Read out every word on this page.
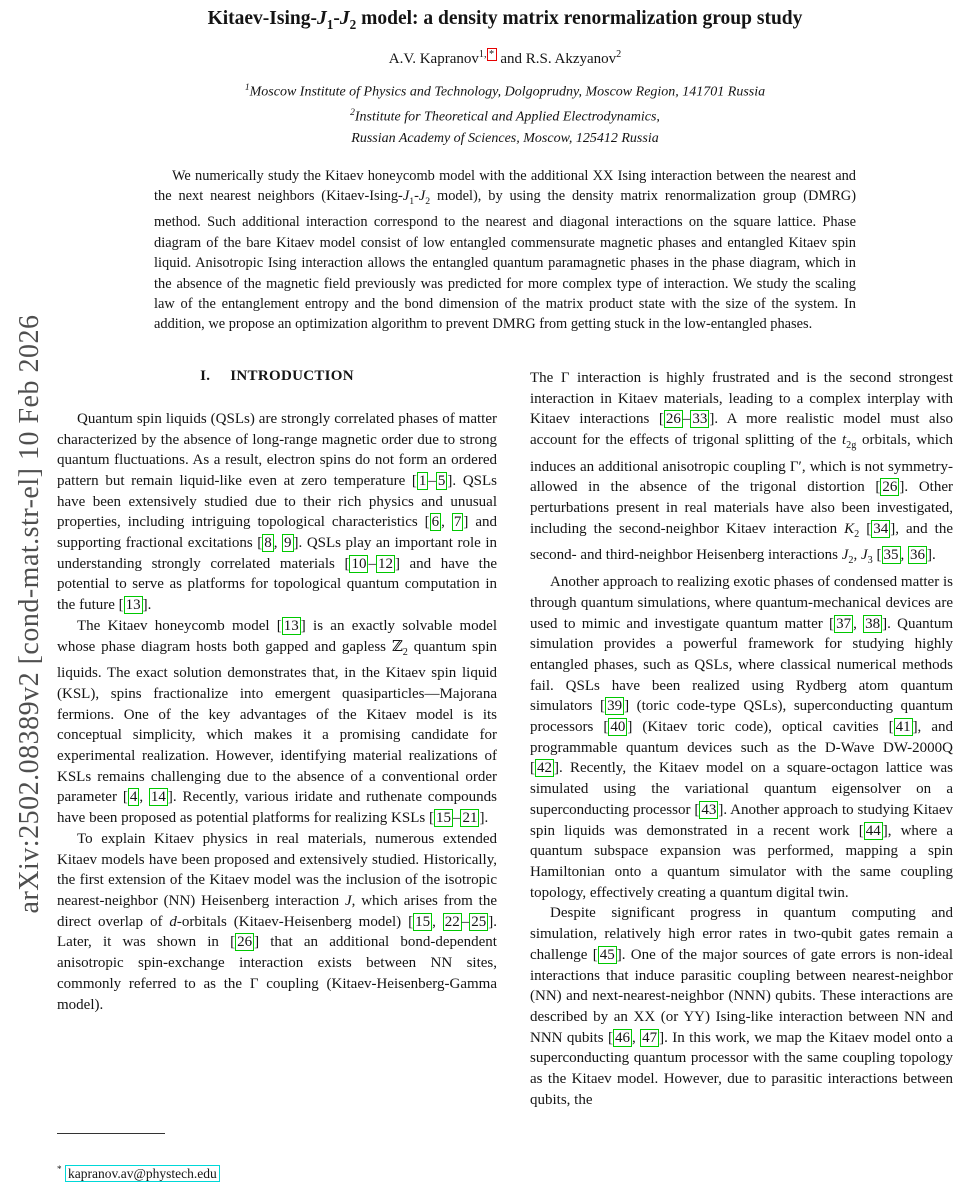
arXiv:2502.08389v2 [cond-mat.str-el] 10 Feb 2026
Kitaev-$Ising-J_1-J_2$ model: a density matrix renormalization group study
A.V. Kapranov$^{1,}$ * and R.S. Akzyanov$^2$
$^1$Moscow Institute of Physics and Technology, Dolgoprudny, Moscow Region, 141701 Russia
$^2$Institute for Theoretical and Applied Electrodynamics,
Russian Academy of Sciences, Moscow, 125412 Russia
We numerically study the Kitaev honeycomb model with the additional XX Ising interaction between the nearest and the next nearest neighbors ($Kitaev-Ising-J_1-J_2$ model), by using the density matrix renormalization group (DMRG) method. Such additional interaction correspond to the nearest and diagonal interactions on the square lattice. Phase diagram of the bare Kitaev model consist of low entangled commensurate magnetic phases and entangled Kitaev spin liquid. Anisotropic Ising interaction allows the entangled quantum paramagnetic phases in the phase diagram, which in the absence of the magnetic field previously was predicted for more complex type of interaction. We study the scaling law of the entanglement entropy and the bond dimension of the matrix product state with the size of the system. In addition, we propose an optimization algorithm to prevent DMRG from getting stuck in the low-entangled phases.
I. INTRODUCTION
Quantum spin liquids (QSLs) are strongly correlated phases of matter characterized by the absence of long-range magnetic order due to strong quantum fluctuations. As a result, electron spins do not form an ordered pattern but remain liquid-like even at zero temperature [ 1 – 5 ]. QSLs have been extensively studied due to their rich physics and unusual properties, including intriguing topological characteristics [ 6 , 7 ] and supporting fractional excitations [ 8 , 9 ]. QSLs play an important role in understanding strongly correlated materials [ 10 – 12 ] and have the potential to serve as platforms for topological quantum computation in the future [ 13 ].
The Kitaev honeycomb model [ 13 ] is an exactly solvable model whose phase diagram hosts both gapped and gapless ℤ$_2$ quantum spin liquids. The exact solution demonstrates that, in the Kitaev spin liquid (KSL), spins fractionalize into emergent quasiparticles—Majorana fermions. One of the key advantages of the Kitaev model is its conceptual simplicity, which makes it a promising candidate for experimental realization. However, identifying material realizations of KSLs remains challenging due to the absence of a conventional order parameter [ 4 , 14 ]. Recently, various iridate and ruthenate compounds have been proposed as potential platforms for realizing KSLs [ 15 – 21 ].
To explain Kitaev physics in real materials, numerous extended Kitaev models have been proposed and extensively studied. Historically, the first extension of the Kitaev model was the inclusion of the isotropic nearest-neighbor (NN) Heisenberg interaction J, which arises from the direct overlap of d-orbitals (Kitaev-Heisenberg model) [ 15 , 22 – 25 ]. Later, it was shown in [ 26 ] that an additional bond-dependent anisotropic spin-exchange interaction exists between NN sites, commonly referred to as the Γ coupling (Kitaev-Heisenberg-Gamma model).
The Γ interaction is highly frustrated and is the second strongest interaction in Kitaev materials, leading to a complex interplay with Kitaev interactions [ 26 – 33 ]. A more realistic model must also account for the effects of trigonal splitting of the $t_{2g}$ orbitals, which induces an additional anisotropic coupling Γ′, which is not symmetry-allowed in the absence of the trigonal distortion [ 26 ]. Other perturbations present in real materials have also been investigated, including the second-neighbor Kitaev interaction $K_2$ [ 34 ], and the second- and third-neighbor Heisenberg interactions $J_2$, $J_3$ [ 35 , 36 ].
Another approach to realizing exotic phases of condensed matter is through quantum simulations, where quantum-mechanical devices are used to mimic and investigate quantum matter [ 37 , 38 ]. Quantum simulation provides a powerful framework for studying highly entangled phases, such as QSLs, where classical numerical methods fail. QSLs have been realized using Rydberg atom quantum simulators [ 39 ] (toric code-type QSLs), superconducting quantum processors [ 40 ] (Kitaev toric code), optical cavities [ 41 ], and programmable quantum devices such as the D-Wave DW-2000Q [ 42 ]. Recently, the Kitaev model on a square-octagon lattice was simulated using the variational quantum eigensolver on a superconducting processor [ 43 ]. Another approach to studying Kitaev spin liquids was demonstrated in a recent work [ 44 ], where a quantum subspace expansion was performed, mapping a spin Hamiltonian onto a quantum simulator with the same coupling topology, effectively creating a quantum digital twin.
Despite significant progress in quantum computing and simulation, relatively high error rates in two-qubit gates remain a challenge [ 45 ]. One of the major sources of gate errors is non-ideal interactions that induce parasitic coupling between nearest-neighbor (NN) and next-nearest-neighbor (NNN) qubits. These interactions are described by an XX (or YY) Ising-like interaction between NN and NNN qubits [ 46 , 47 ]. In this work, we map the Kitaev model onto a superconducting quantum processor with the same coupling topology as the Kitaev model. However, due to parasitic interactions between qubits, the
* kapranov.av@phystech.edu
